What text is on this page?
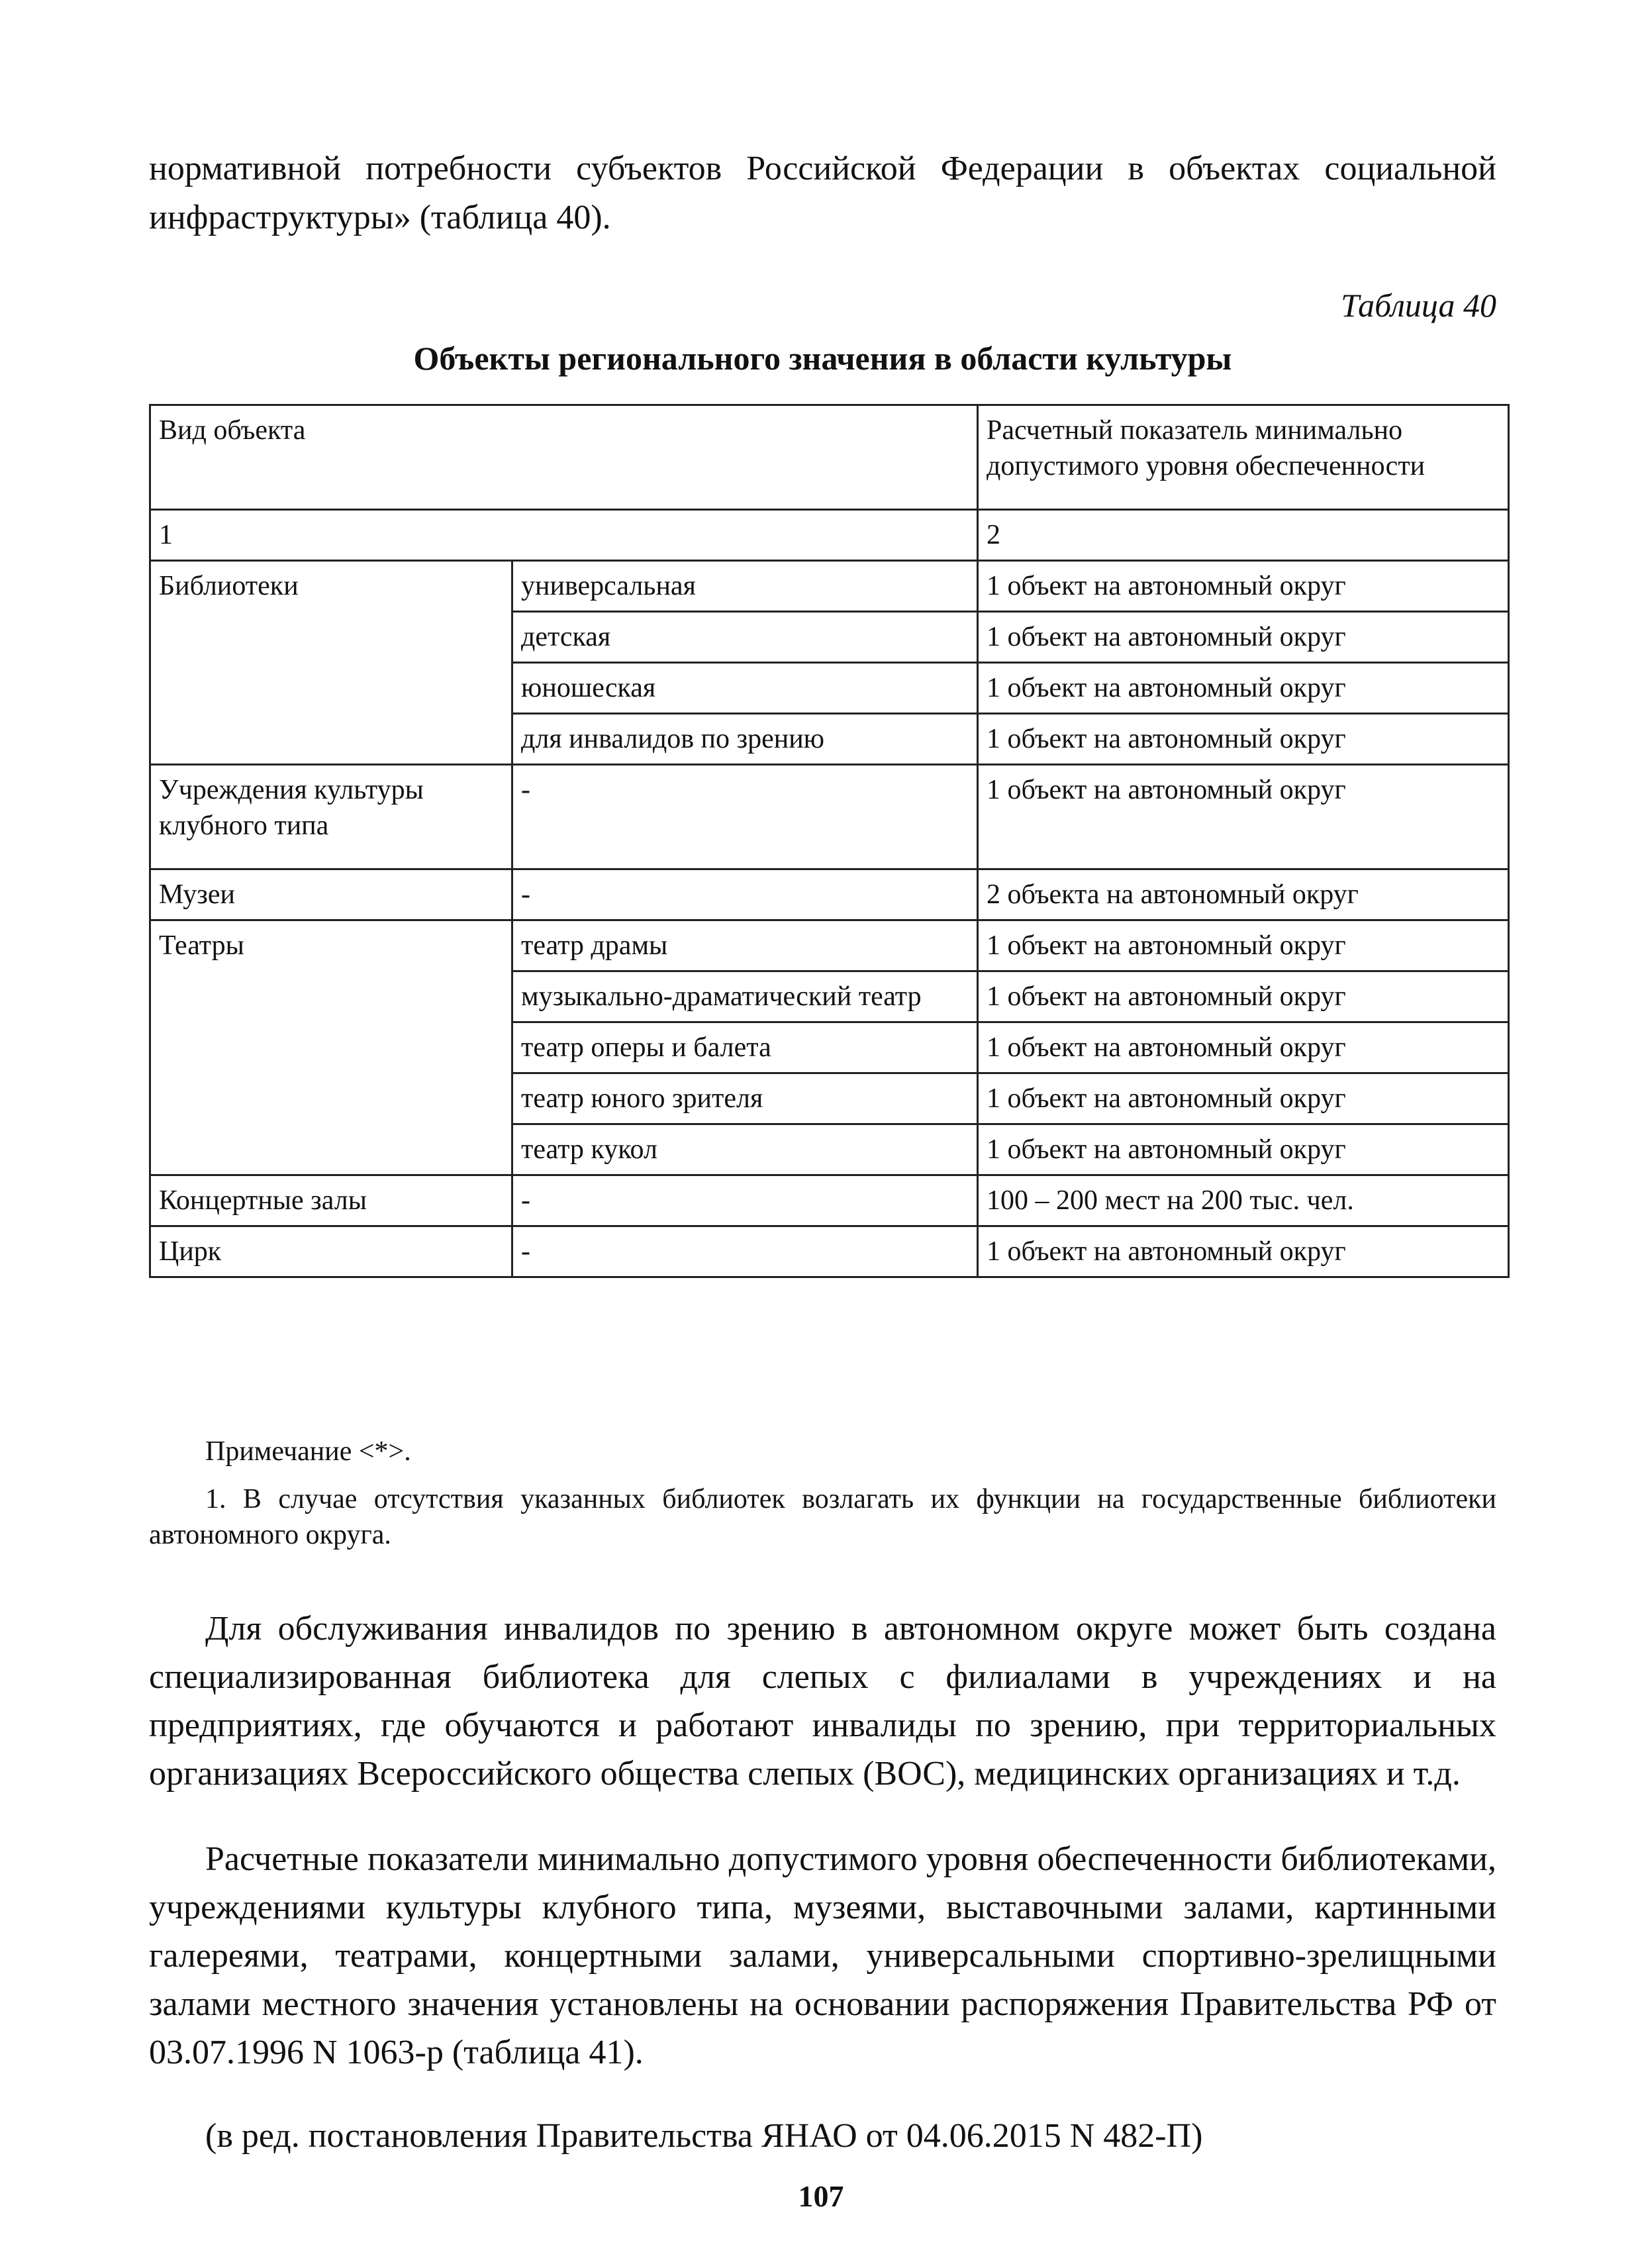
нормативной потребности субъектов Российской Федерации в объектах социальной
инфраструктуры» (таблица 40).

Таблица 40

Объекты регионального значения в области культуры

Вид объекта		Расчетный показатель минимально допустимого уровня обеспеченности
1		2
Библиотеки	универсальная	1 объект на автономный округ
	детская	1 объект на автономный округ
	юношеская	1 объект на автономный округ
	для инвалидов по зрению	1 объект на автономный округ
Учреждения культуры клубного типа	-	1 объект на автономный округ
Музеи	-	2 объекта на автономный округ
Театры	театр драмы	1 объект на автономный округ
	музыкально-драматический театр	1 объект на автономный округ
	театр оперы и балета	1 объект на автономный округ
	театр юного зрителя	1 объект на автономный округ
	театр кукол	1 объект на автономный округ
Концертные залы	-	100 – 200 мест на 200 тыс. чел.
Цирк	-	1 объект на автономный округ

Примечание <*>.

1. В случае отсутствия указанных библиотек возлагать их функции на государственные библиотеки автономного округа.

Для обслуживания инвалидов по зрению в автономном округе может быть создана специализированная библиотека для слепых с филиалами в учреждениях и на предприятиях, где обучаются и работают инвалиды по зрению, при территориальных организациях Всероссийского общества слепых (ВОС), медицинских организациях и т.д.

Расчетные показатели минимально допустимого уровня обеспеченности библиотеками, учреждениями культуры клубного типа, музеями, выставочными залами, картинными галереями, театрами, концертными залами, универсальными спортивно-зрелищными залами местного значения установлены на основании распоряжения Правительства РФ от 03.07.1996 N 1063-р (таблица 41).

(в ред. постановления Правительства ЯНАО от 04.06.2015 N 482-П)

107
